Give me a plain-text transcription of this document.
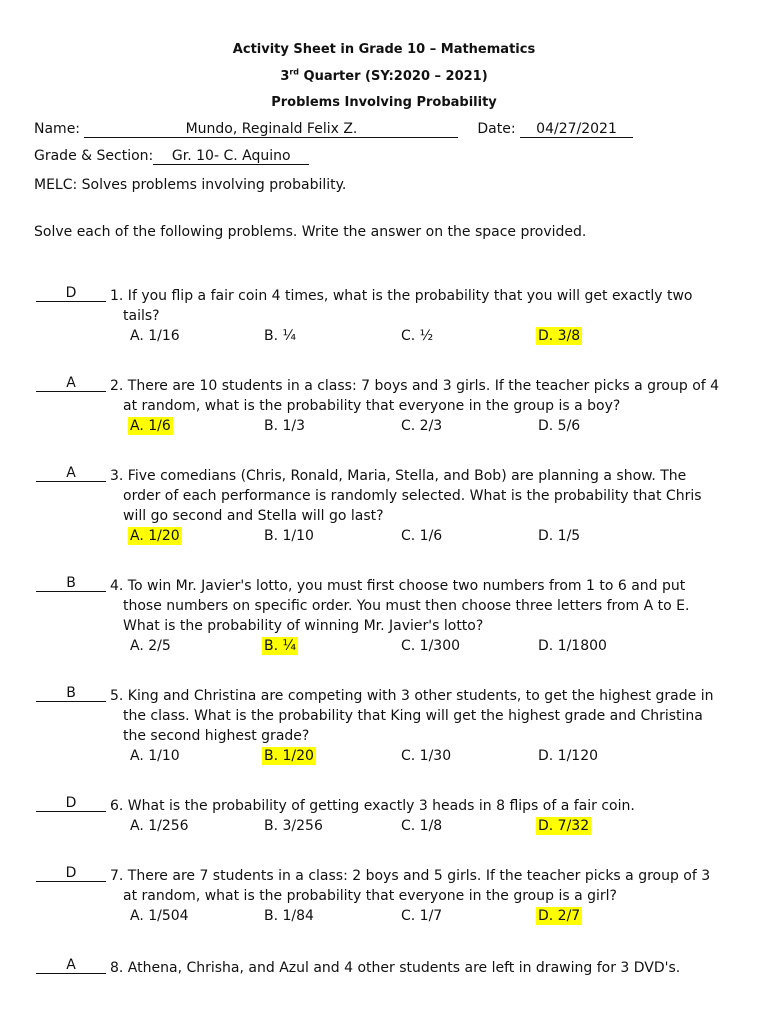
Activity Sheet in Grade 10 – Mathematics
3rd Quarter (SY:2020 – 2021)
Problems Involving Probability
Name:	Mundo, Reginald Felix Z.	Date: 04/27/2021
Grade & Section: Gr. 10- C. Aquino
MELC: Solves problems involving probability.
Solve each of the following problems. Write the answer on the space provided.
D	1. If you flip a fair coin 4 times, what is the probability that you will get exactly two
tails?
A. 1/16	B. ¼	C. ½	D. 3/8
A	2. There are 10 students in a class: 7 boys and 3 girls. If the teacher picks a group of 4
at random, what is the probability that everyone in the group is a boy?
A. 1/6	B. 1/3	C. 2/3	D. 5/6
A	3. Five comedians (Chris, Ronald, Maria, Stella, and Bob) are planning a show. The
order of each performance is randomly selected. What is the probability that Chris
will go second and Stella will go last?
A. 1/20	B. 1/10	C. 1/6	D. 1/5
B	4. To win Mr. Javier's lotto, you must first choose two numbers from 1 to 6 and put
those numbers on specific order. You must then choose three letters from A to E.
What is the probability of winning Mr. Javier's lotto?
A. 2/5	B. ¼	C. 1/300	D. 1/1800
B	5. King and Christina are competing with 3 other students, to get the highest grade in
the class. What is the probability that King will get the highest grade and Christina
the second highest grade?
A. 1/10	B. 1/20	C. 1/30	D. 1/120
D	6. What is the probability of getting exactly 3 heads in 8 flips of a fair coin.
A. 1/256	B. 3/256	C. 1/8	D. 7/32
D	7. There are 7 students in a class: 2 boys and 5 girls. If the teacher picks a group of 3
at random, what is the probability that everyone in the group is a girl?
A. 1/504	B. 1/84	C. 1/7	D. 2/7
A	8. Athena, Chrisha, and Azul and 4 other students are left in drawing for 3 DVD's.
